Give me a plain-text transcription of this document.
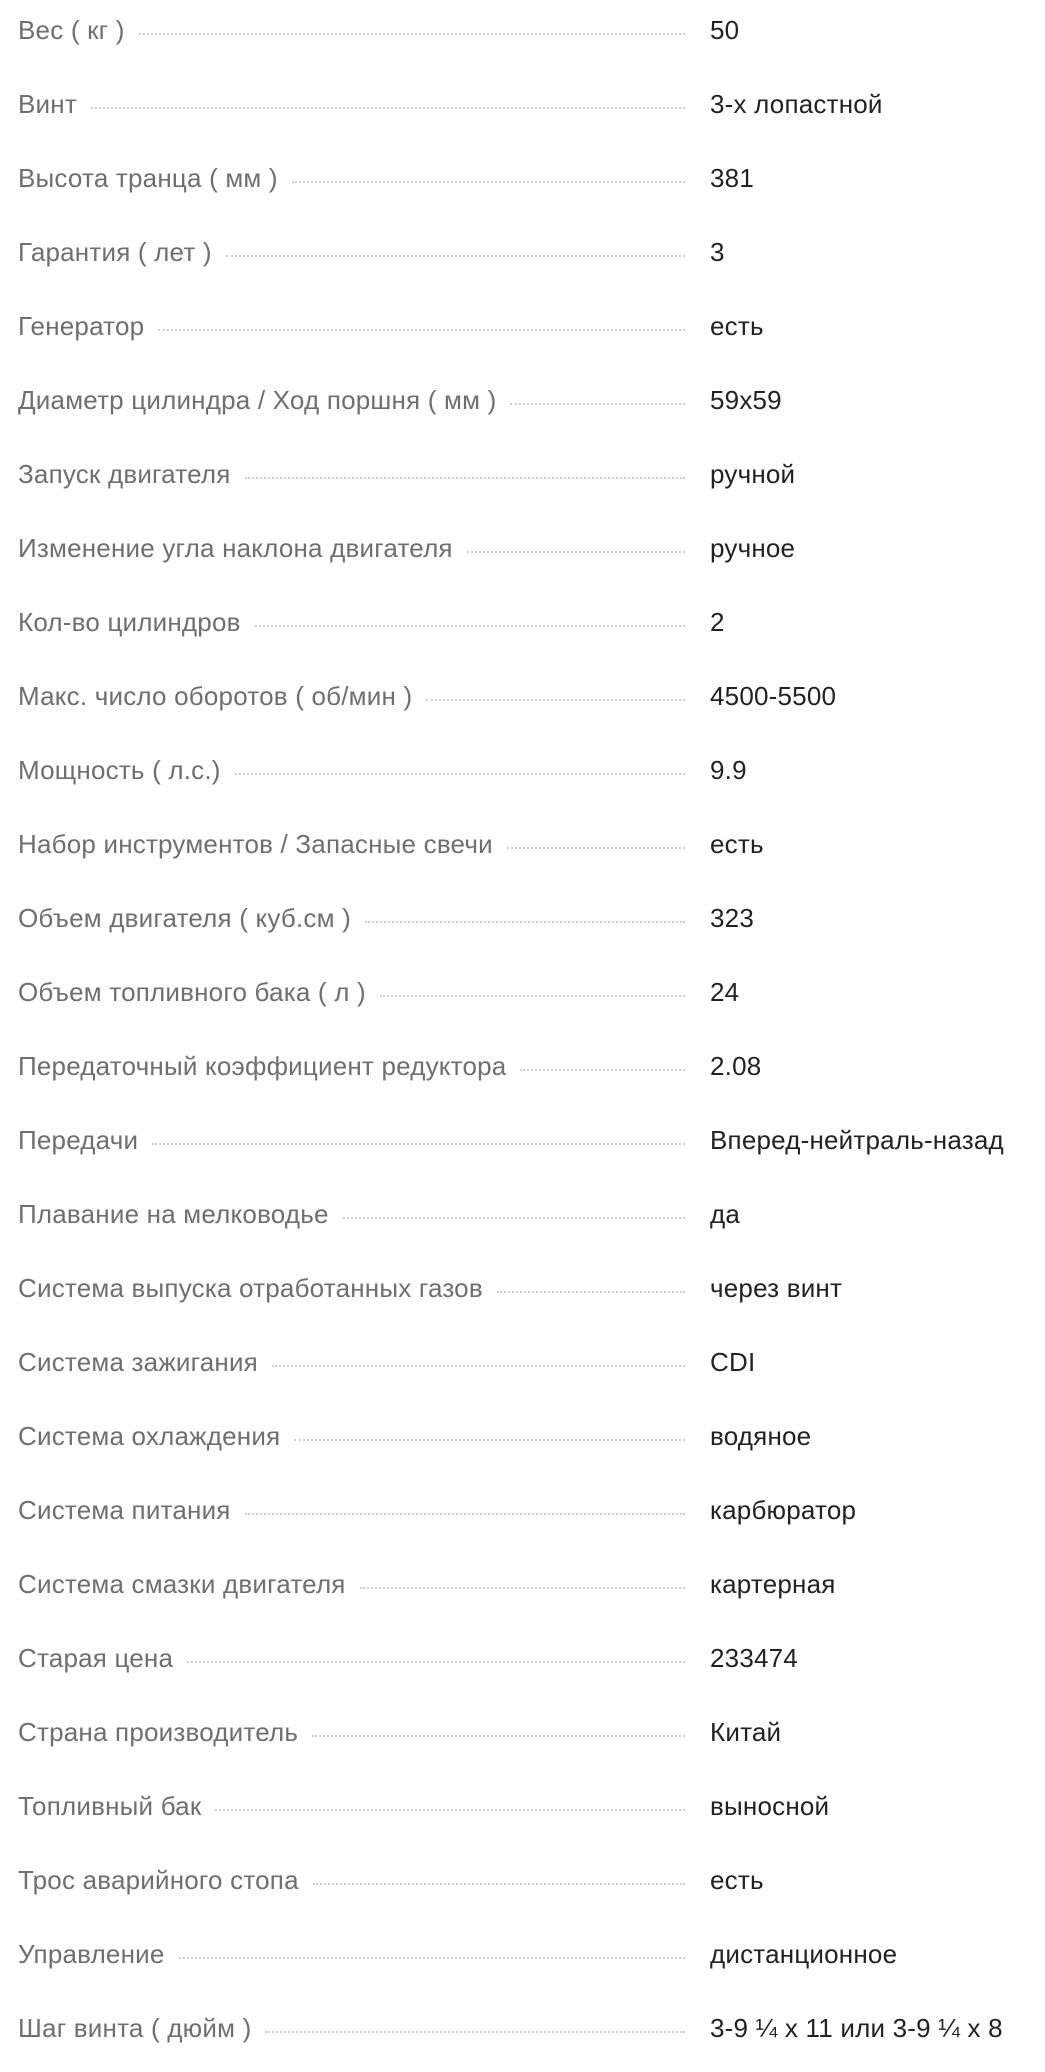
Вес ( кг )	50
Винт	3-х лопастной
Высота транца ( мм )	381
Гарантия ( лет )	3
Генератор	есть
Диаметр цилиндра / Ход поршня ( мм )	59x59
Запуск двигателя	ручной
Изменение угла наклона двигателя	ручное
Кол-во цилиндров	2
Макс. число оборотов ( об/мин )	4500-5500
Мощность ( л.с.)	9.9
Набор инструментов / Запасные свечи	есть
Объем двигателя ( куб.см )	323
Объем топливного бака ( л )	24
Передаточный коэффициент редуктора	2.08
Передачи	Вперед-нейтраль-назад
Плавание на мелководье	да
Система выпуска отработанных газов	через винт
Система зажигания	CDI
Система охлаждения	водяное
Система питания	карбюратор
Система смазки двигателя	картерная
Старая цена	233474
Страна производитель	Китай
Топливный бак	выносной
Трос аварийного стопа	есть
Управление	дистанционное
Шаг винта ( дюйм )	3-9 ¼ x 11 или 3-9 ¼ x 8
